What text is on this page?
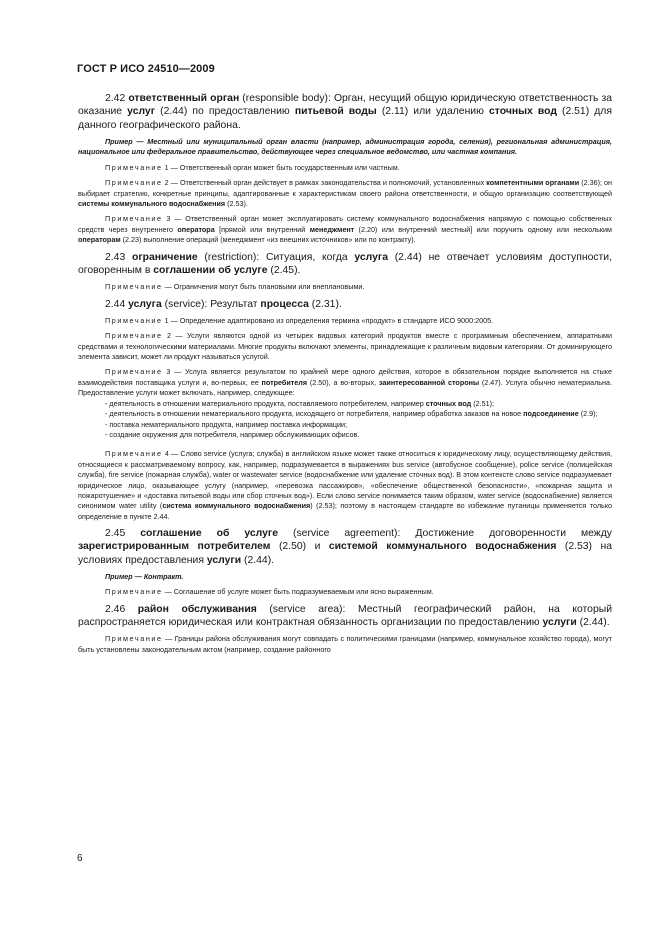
ГОСТ Р ИСО 24510—2009

2.42 ответственный орган (responsible body): Орган, несущий общую юридическую ответственность за оказание услуг (2.44) по предоставлению питьевой воды (2.11) или удалению сточных вод (2.51) для данного географического района.

Пример — Местный или муниципальный орган власти (например, администрация города, селения), региональная администрация, национальное или федеральное правительство, действующее через специальное ведомство, или частная компания.

Примечание 1 — Ответственный орган может быть государственным или частным.

Примечание 2 — Ответственный орган действует в рамках законодательства и полномочий, установленных компетентными органами (2.36); он выбирает стратегию, конкретные принципы, адаптированные к характеристикам своего района ответственности, и общую организацию соответствующей системы коммунального водоснабжения (2.53).

Примечание 3 — Ответственный орган может эксплуатировать систему коммунального водоснабжения напрямую с помощью собственных средств через внутреннего оператора [прямой или внутренний менеджмент (2.20) или внутренний местный] или поручить одному или нескольким операторам (2.23) выполнение операций (менеджмент «из внешних источников» или по контракту).

2.43 ограничение (restriction): Ситуация, когда услуга (2.44) не отвечает условиям доступности, оговоренным в соглашении об услуге (2.45).

Примечание — Ограничения могут быть плановыми или внеплановыми.

2.44 услуга (service): Результат процесса (2.31).

Примечание 1 — Определение адаптировано из определения термина «продукт» в стандарте ИСО 9000:2005.

Примечание 2 — Услуги являются одной из четырех видовых категорий продуктов вместе с программным обеспечением, аппаратными средствами и технологическими материалами. Многие продукты включают элементы, принадлежащие к различным видовым категориям. От доминирующего элемента зависит, может ли продукт называться услугой.

Примечание 3 — Услуга является результатом по крайней мере одного действия, которое в обязательном порядке выполняется на стыке взаимодействия поставщика услуги и, во-первых, ее потребителя (2.50), а во-вторых, заинтересованной стороны (2.47). Услуга обычно нематериальна. Предоставление услуги может включать, например, следующее:

- деятельность в отношении материального продукта, поставляемого потребителем, например сточных вод (2.51);

- деятельность в отношении нематериального продукта, исходящего от потребителя, например обработка заказов на новое подсоединение (2.9);

- поставка нематериального продукта, например поставка информации;

- создание окружения для потребителя, например обслуживающих офисов.

Примечание 4 — Слово service (услуга; служба) в английском языке может также относиться к юридическому лицу, осуществляющему действия, относящиеся к рассматриваемому вопросу, как, например, подразумевается в выражениях bus service (автобусное сообщение), police service (полицейская служба), fire service (пожарная служба), water or wastewater service (водоснабжение или удаление сточных вод). В этом контексте слово service подразумевает юридическое лицо, оказывающее услугу (например, «перевозка пассажиров», «обеспечение общественной безопасности», «пожарная защита и пожаротушение» и «доставка питьевой воды или сбор сточных вод»). Если слово service понимается таким образом, water service (водоснабжение) является синонимом water utility (система коммунального водоснабжения) (2.53); поэтому в настоящем стандарте во избежание путаницы применяется только определение в пункте 2.44.

2.45 соглашение об услуге (service agreement): Достижение договоренности между зарегистрированным потребителем (2.50) и системой коммунального водоснабжения (2.53) на условиях предоставления услуги (2.44).

Пример — Контракт.

Примечание — Соглашение об услуге может быть подразумеваемым или ясно выраженным.

2.46 район обслуживания (service area): Местный географический район, на который распространяется юридическая или контрактная обязанность организации по предоставлению услуги (2.44).

Примечание — Границы района обслуживания могут совпадать с политическими границами (например, коммунальное хозяйство города), могут быть установлены законодательным актом (например, создание районного

6
